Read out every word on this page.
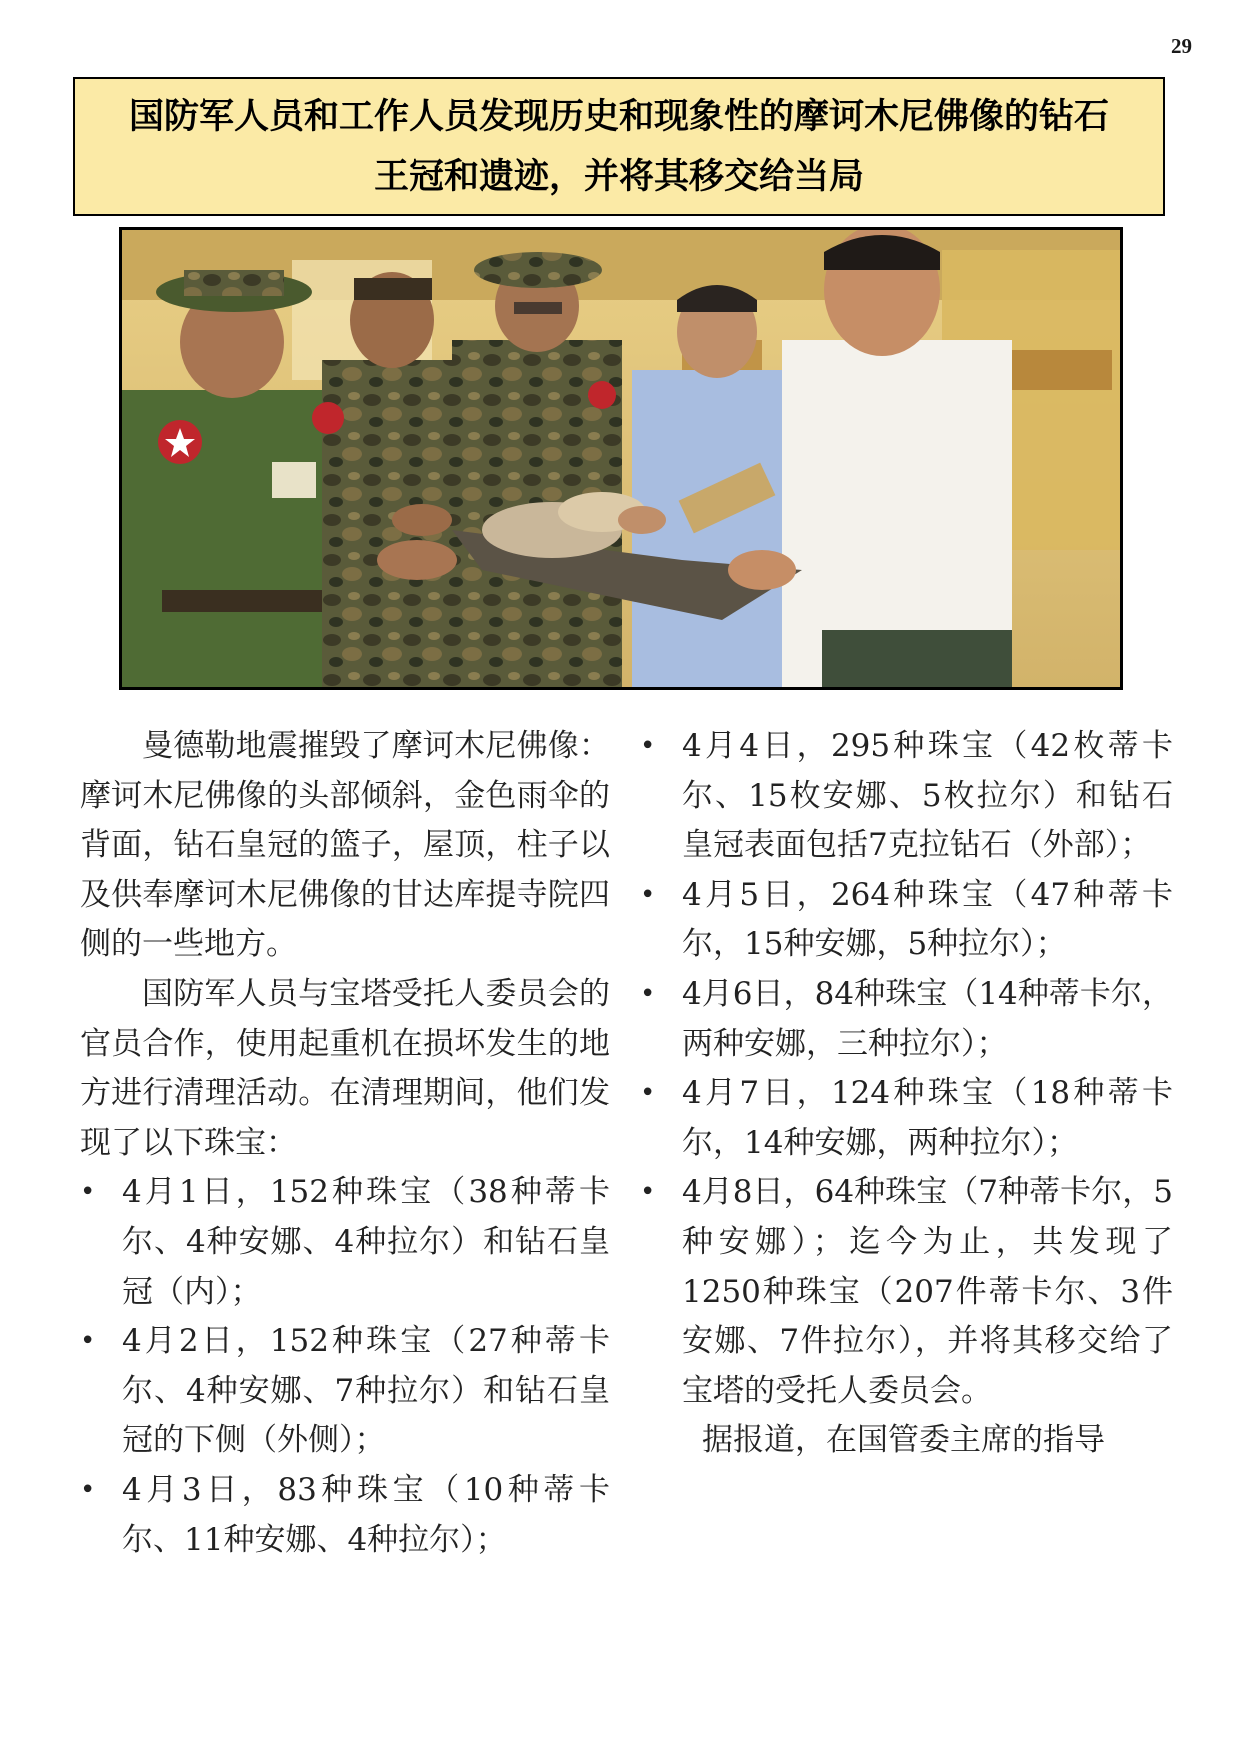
29
国防军人员和工作人员发现历史和现象性的摩诃木尼佛像的钻石
王冠和遗迹，并将其移交给当局

曼德勒地震摧毁了摩诃木尼佛像：摩诃木尼佛像的头部倾斜，金色雨伞的背面，钻石皇冠的篮子，屋顶，柱子以及供奉摩诃木尼佛像的甘达库提寺院四侧的一些地方。

国防军人员与宝塔受托人委员会的官员合作，使用起重机在损坏发生的地方进行清理活动。在清理期间，他们发现了以下珠宝：

• 4月1日，152种珠宝（38种蒂卡尔、4种安娜、4种拉尔）和钻石皇冠（内）；
• 4月2日，152种珠宝（27种蒂卡尔、4种安娜、7种拉尔）和钻石皇冠的下侧（外侧）；
• 4月3日，83种珠宝（10种蒂卡尔、11种安娜、4种拉尔）；
• 4月4日，295种珠宝（42枚蒂卡尔、15枚安娜、5枚拉尔）和钻石皇冠表面包括7克拉钻石（外部）；
• 4月5日，264种珠宝（47种蒂卡尔，15种安娜，5种拉尔）；
• 4月6日，84种珠宝（14种蒂卡尔，两种安娜，三种拉尔）；
• 4月7日，124种珠宝（18种蒂卡尔，14种安娜，两种拉尔）；
• 4月8日，64种珠宝（7种蒂卡尔，5种安娜）；迄今为止，共发现了1250种珠宝（207件蒂卡尔、3件安娜、7件拉尔），并将其移交给了宝塔的受托人委员会。

据报道，在国管委主席的指导
